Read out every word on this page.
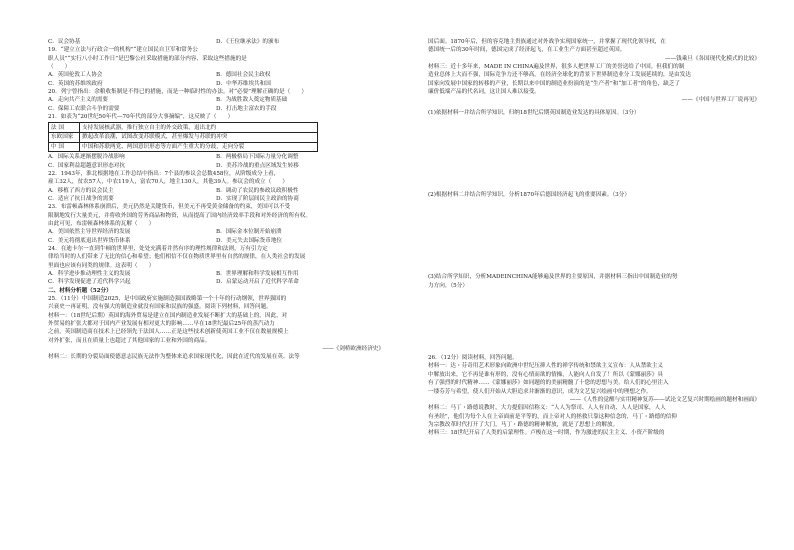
C．议会协基	D．《王位继承法》的颁布

19．“建立立法与行政合一的机构”“建立国民自卫军和常务公

职人员”“实行八小时工作日”是巴黎公社采取措施的部分内容，采取这些措施的是

（　　）

A．英国伦敦工人协会	B．德国社会民主政权
C．英国的苏维埃政府	D．中华苏维埃共和国

20．列宁曾指出：余粮收集制是不得已的措施，而是一种临时性的办法。对“必要”理解正确的是（　　）

A．走向共产主义的需要	B．为战胜敌人奠定物质基础
C．保障工农联合斗争的需要	D．打击地主富农的手段

21．如表为“20世纪50年代—70年代的部分大事摘编”，这反映了（　　）

法 国	支持发展核武器，推行独立自主的外交政策，退出北约
东欧国家	掀起改革浪潮，试图改变苏联模式，甚至爆发与苏联的冲突
中 国	中国和苏联两党、两国意识形态等方面产生重大的分歧，走向分裂
A．国际关系逐渐摆脱冷战影响	B．两极格局下国际力量分化调整
C．国家利益超越意识形态对抗	D．美苏冷战的重点区域发生转移

22．1943年，淮北根据地在工作总结中指出：7个县的参议会总数458位，从阶级成分上看，

雇工32人，贫农57人，中农119人，富农70人，地主130人，其他39人。参议会的成立（　　）

A．移植了西方的议会民主	B．调动了农民的参政议政积极性
C．适应了抗日战争的需要	D．实现了阶层间民主政治的协商

23．布雷顿森林体系崩溃后，美元仍然是关键货币，但美元不再受黄金储备的约束，美国可以不受

限制地发行大量美元，并将收外国的劳务商品和物资，从而提高了国内经济效率手段和对外经济的所有权。

由此可见，布雷顿森林体系的瓦解（　　）

A．美国依然主导世界经济的发展	B．国际金本位制开始崩溃
C．美元将彻底退出世界货币体系	D．美元失去国际货币地位

24．在迪卡尔一直到牛顿的世界里，处处充满着井然有序的理性规律和法则，万有引力定

律给当时的人们带来了无比的信心和希望；他们相信不仅在物质世界里有自然的规律，在人类社会的发展

里面也应该有同类的规律。这表明（　　）

A．科学进步推动理性主义的发展	B．世界理解和科学发展相互作用
C．科学发现促进了近代科学兴起	D．启蒙运动开启了近代科学革命

二、材料分析题（52分）

25．（11分）中国制造2025，是中国政府实施制造强国战略第一个十年的行动纲领，世界强国的

兴衰史一再证明，没有强大的制造业就没有国家和民族的强盛。阅读下列材料，回答问题。

材料一：（18世纪后期）英国的海外贸易是建立在国内制造业发展不断扩大的基础上的，因此，对

外贸易的扩张大都对于国内产业发展有相对更大的影响……早在18世纪最后25年的蒸汽动力

之前，英国制造商在技术上已经领先于法国人……正是这些技术创新使英国工业不仅在数量规模上

对外扩张，而且在质量上也超过了其他国家的工业和外国的商品。

——《剑桥欧洲经济史》

材料二：长期的分裂局面使德意志民族无法作为整体来追求国家现代化，因此在近代的发展在英、法等

国后面。1870年后，但的容克地主贵族通过对外战争实现国家统一，并掌握了现代化领导权，在

德国统一后的30年时间，德国完成了经济起飞，在工业生产方面甚至超过英国。

——钱乘旦《各国现代化模式的比较》

材料三：近十多年来，MADE IN CHINA遍及世界，很多人把世界工厂的美誉送给了中国。但我们的制

造业总体上大而不强，国际竞争力还不够高。在经济全球化的背景下世界制造业分工发展延续的，是由发达

国家向发展中国家的转移的产业，长期以来中国的制造业扮演的是“生产者”和“加工者”的角色，缺乏了

廉价低端产品的代名词，这让国人难以接受。

——《中国与世界工厂说再见》

(1)依据材料一并结合所学知识，归纳18世纪后期英国制造业发达的具体原因。（3分）

(2)根据材料二并结合所学知识，分析1870年后德国经济起飞的重要因素。（3分）

(3)结合所学知识，分析MADEINCHINA能够遍及世界的主要原因，并据材料三指出中国制造业的努

力方向。（5分）

26．（12分）阅读材料，回答问题。

材料一：达・芬奇用艺术形象向欧洲中世纪压抑人性的禅学传统和禁欲主义宣布：人从禁欲主义

中解放出来，它不再是谁有形的，没有心情而欲的情操，人能向人自发了！所以《蒙娜丽莎》具

有了强烈的时代精神……《蒙娜丽莎》如同题的的美丽精髓了十您的思想与美。给人们的心里注入

一缕芬芳与希望，使人们开始从大胆追求并渐渐的意识，成为文艺复兴绘画中的理想之作。

——《人性的觉醒与实用精神复苏——试论文艺复兴时期绘画的题材和画面》

材料二：马丁・路德说教时，大力提倡因信称义：“人人为祭司、人人有自动、人人是国家，人人

有圣经”，他们为每个人在上帝面前是平等的，而上帝对人的拯救只靠这种信念的，马丁・路德的信仰

为宗教改革时代打开了大门，马丁・路德的精神解放，就是了思想上的解放。

材料三：18世纪开启了人类的启蒙理性。卢梭在这一时期，作为激进的民主主义、小资产阶级的
